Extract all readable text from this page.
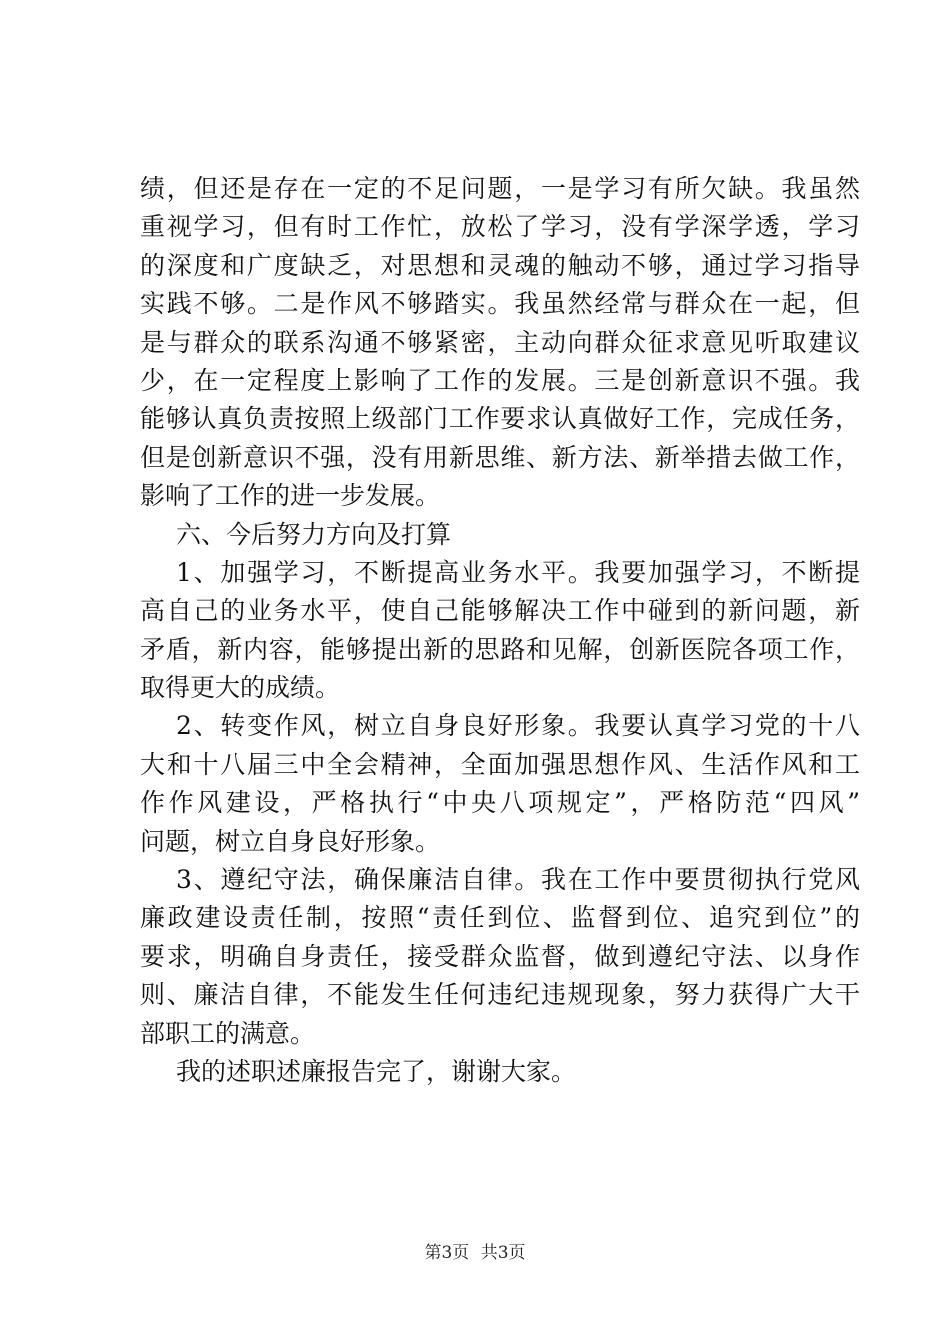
绩，但还是存在一定的不足问题，一是学习有所欠缺。我虽然
重视学习，但有时工作忙，放松了学习，没有学深学透，学习
的深度和广度缺乏，对思想和灵魂的触动不够，通过学习指导
实践不够。二是作风不够踏实。我虽然经常与群众在一起，但
是与群众的联系沟通不够紧密，主动向群众征求意见听取建议
少，在一定程度上影响了工作的发展。三是创新意识不强。我
能够认真负责按照上级部门工作要求认真做好工作，完成任务，
但是创新意识不强，没有用新思维、新方法、新举措去做工作，
影响了工作的进一步发展。
六、今后努力方向及打算
1、加强学习，不断提高业务水平。我要加强学习，不断提
高自己的业务水平，使自己能够解决工作中碰到的新问题，新
矛盾，新内容，能够提出新的思路和见解，创新医院各项工作，
取得更大的成绩。
2、转变作风，树立自身良好形象。我要认真学习党的十八
大和十八届三中全会精神，全面加强思想作风、生活作风和工
作作风建设，严格执行“中央八项规定”，严格防范“四风”
问题，树立自身良好形象。
3、遵纪守法，确保廉洁自律。我在工作中要贯彻执行党风
廉政建设责任制，按照“责任到位、监督到位、追究到位”的
要求，明确自身责任，接受群众监督，做到遵纪守法、以身作
则、廉洁自律，不能发生任何违纪违规现象，努力获得广大干
部职工的满意。
我的述职述廉报告完了，谢谢大家。
第3页 共3页
